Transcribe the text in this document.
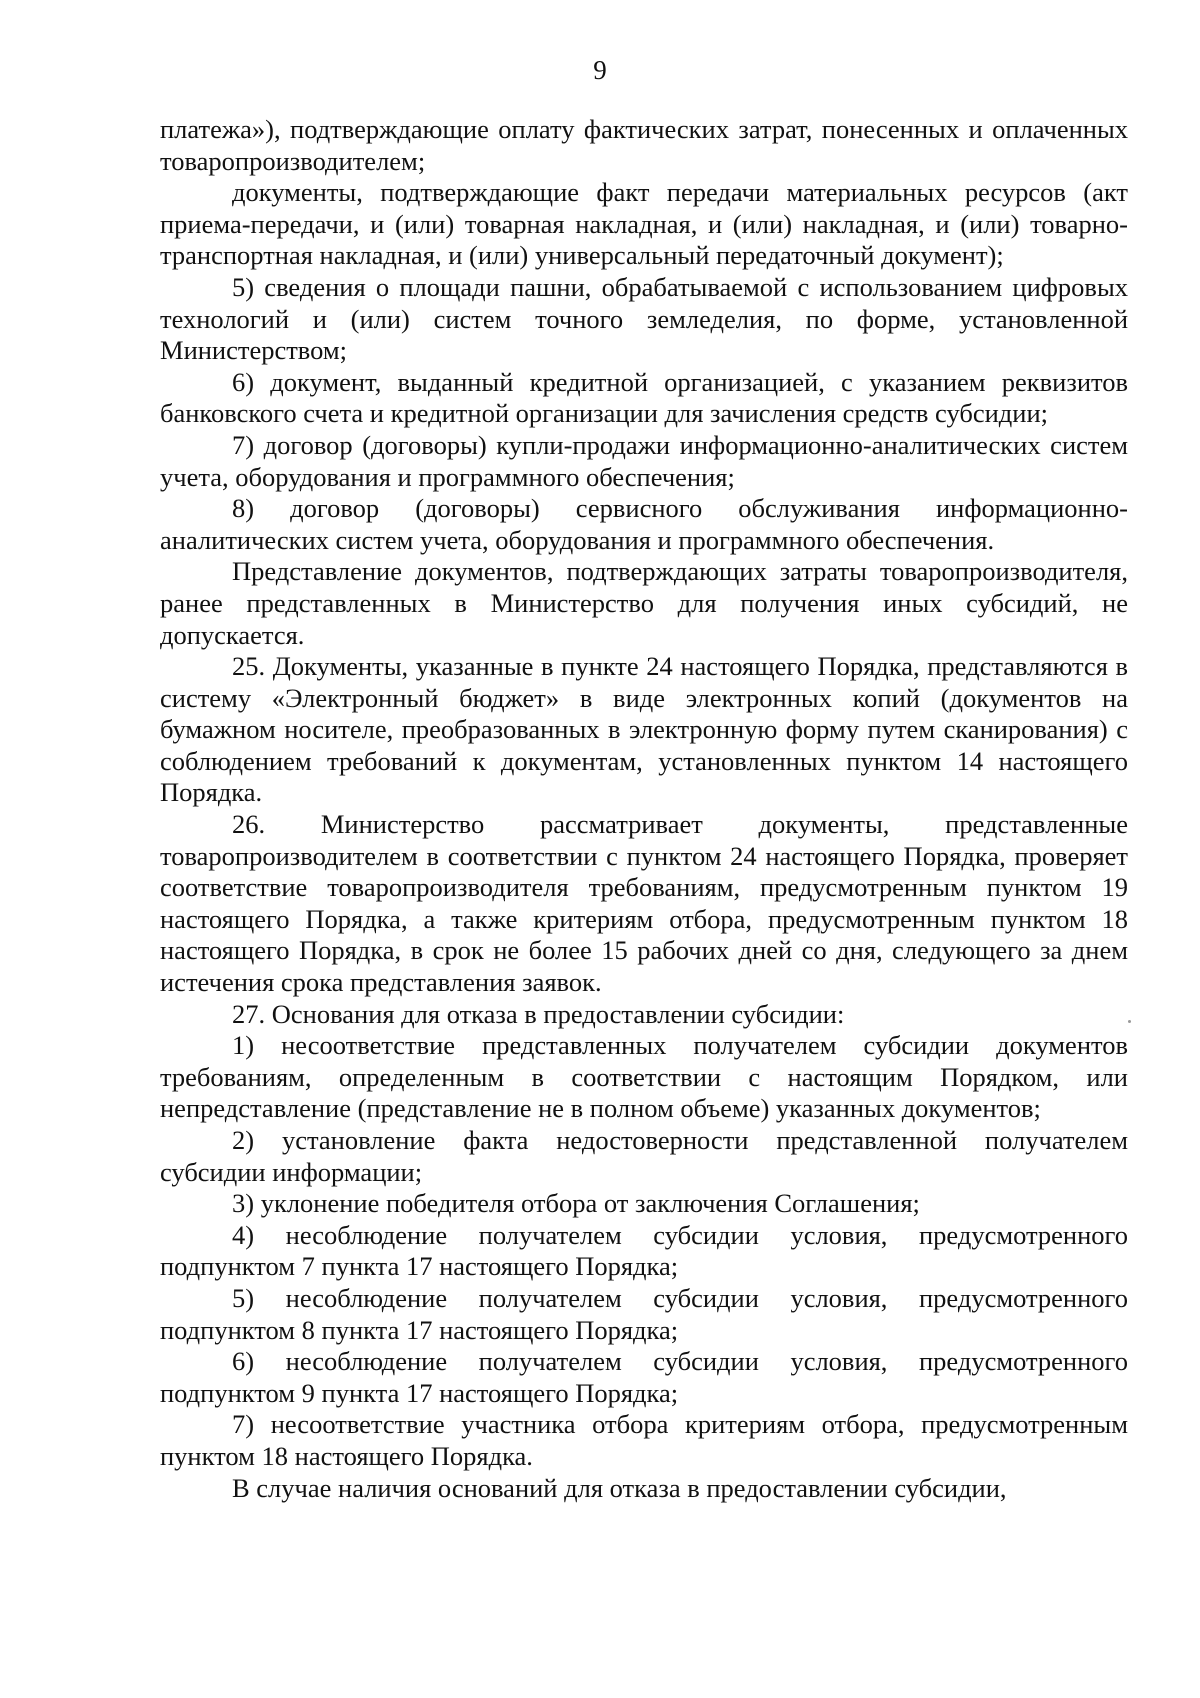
9

платежа»), подтверждающие оплату фактических затрат, понесенных и оплаченных товаропроизводителем;

документы, подтверждающие факт передачи материальных ресурсов (акт приема-передачи, и (или) товарная накладная, и (или) накладная, и (или) товарно-транспортная накладная, и (или) универсальный передаточный документ);

5) сведения о площади пашни, обрабатываемой с использованием цифровых технологий и (или) систем точного земледелия, по форме, установленной Министерством;

6) документ, выданный кредитной организацией, с указанием реквизитов банковского счета и кредитной организации для зачисления средств субсидии;

7) договор (договоры) купли-продажи информационно-аналитических систем учета, оборудования и программного обеспечения;

8) договор (договоры) сервисного обслуживания информационно-аналитических систем учета, оборудования и программного обеспечения.

Представление документов, подтверждающих затраты товаропроизводителя, ранее представленных в Министерство для получения иных субсидий, не допускается.

25. Документы, указанные в пункте 24 настоящего Порядка, представляются в систему «Электронный бюджет» в виде электронных копий (документов на бумажном носителе, преобразованных в электронную форму путем сканирования) с соблюдением требований к документам, установленных пунктом 14 настоящего Порядка.

26. Министерство рассматривает документы, представленные товаропроизводителем в соответствии с пунктом 24 настоящего Порядка, проверяет соответствие товаропроизводителя требованиям, предусмотренным пунктом 19 настоящего Порядка, а также критериям отбора, предусмотренным пунктом 18 настоящего Порядка, в срок не более 15 рабочих дней со дня, следующего за днем истечения срока представления заявок.

27. Основания для отказа в предоставлении субсидии:

1) несоответствие представленных получателем субсидии документов требованиям, определенным в соответствии с настоящим Порядком, или непредставление (представление не в полном объеме) указанных документов;

2) установление факта недостоверности представленной получателем субсидии информации;

3) уклонение победителя отбора от заключения Соглашения;

4) несоблюдение получателем субсидии условия, предусмотренного подпунктом 7 пункта 17 настоящего Порядка;

5) несоблюдение получателем субсидии условия, предусмотренного подпунктом 8 пункта 17 настоящего Порядка;

6) несоблюдение получателем субсидии условия, предусмотренного подпунктом 9 пункта 17 настоящего Порядка;

7) несоответствие участника отбора критериям отбора, предусмотренным пунктом 18 настоящего Порядка.

В случае наличия оснований для отказа в предоставлении субсидии,
